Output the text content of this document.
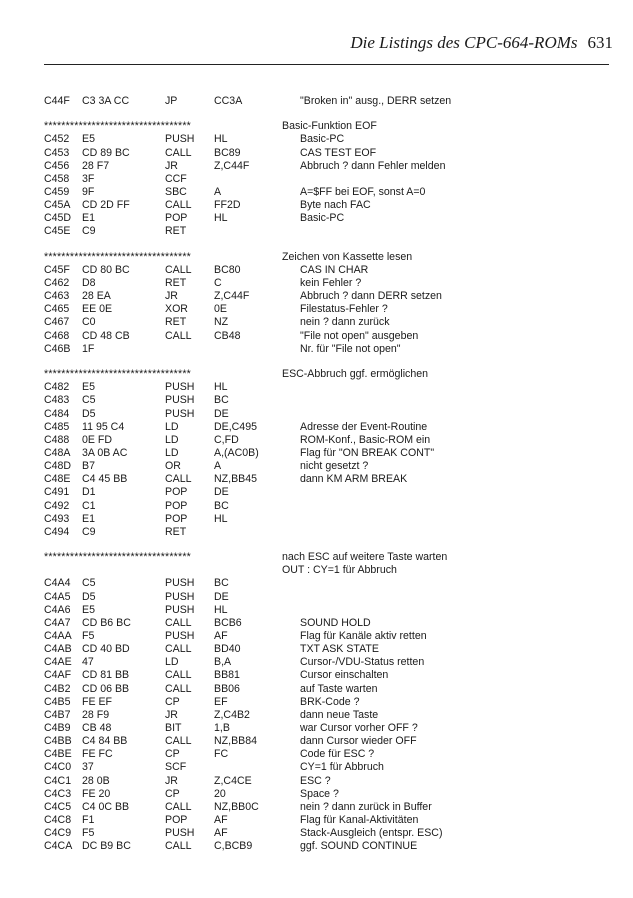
Die Listings des CPC-664-ROMs 631
C44F C3 3A CC	JP	CC3A	"Broken in" ausg., DERR setzen
**********************************	Basic-Funktion EOF
C452 E5	PUSH HL	Basic-PC
C453 CD 89 BC	CALL BC89	CAS TEST EOF
C456 28 F7	JR	Z,C44F	Abbruch ? dann Fehler melden
C458 3F	CCF
C459 9F	SBC	A	A=$FF bei EOF, sonst A=0
C45A CD 2D FF	CALL FF2D	Byte nach FAC
C45D E1	POP	HL	Basic-PC
C45E C9	RET
**********************************	Zeichen von Kassette lesen
C45F CD 80 BC	CALL BC80	CAS IN CHAR
C462 D8	RET	C	kein Fehler ?
C463 28 EA	JR	Z,C44F	Abbruch ? dann DERR setzen
C465 EE 0E	XOR 0E	Filestatus-Fehler ?
C467 C0	RET	NZ	nein ? dann zurück
C468 CD 48 CB	CALL CB48	"File not open" ausgeben
C46B 1F	Nr. für "File not open"
**********************************	ESC-Abbruch ggf. ermöglichen
C482 E5	PUSH HL
C483 C5	PUSH BC
C484 D5	PUSH DE
C485 11 95 C4	LD	DE,C495	Adresse der Event-Routine
C488 0E FD	LD	C,FD	ROM-Konf., Basic-ROM ein
C48A 3A 0B AC	LD	A,(AC0B)	Flag für "ON BREAK CONT"
C48D B7	OR	A	nicht gesetzt ?
C48E C4 45 BB	CALL NZ,BB45	dann KM ARM BREAK
C491 D1	POP	DE
C492 C1	POP	BC
C493 E1	POP	HL
C494 C9	RET
**********************************	nach ESC auf weitere Taste warten
OUT : CY=1 für Abbruch
C4A4 C5	PUSH BC
C4A5 D5	PUSH DE
C4A6 E5	PUSH HL
C4A7 CD B6 BC	CALL BCB6	SOUND HOLD
C4AA F5	PUSH AF	Flag für Kanäle aktiv retten
C4AB CD 40 BD	CALL BD40	TXT ASK STATE
C4AE 47	LD	B,A	Cursor-/VDU-Status retten
C4AF CD 81 BB	CALL BB81	Cursor einschalten
C4B2 CD 06 BB	CALL BB06	auf Taste warten
C4B5 FE EF	CP	EF	BRK-Code ?
C4B7 28 F9	JR	Z,C4B2	dann neue Taste
C4B9 CB 48	BIT	1,B	war Cursor vorher OFF ?
C4BB C4 84 BB	CALL NZ,BB84	dann Cursor wieder OFF
C4BE FE FC	CP	FC	Code für ESC ?
C4C0 37	SCF	CY=1 für Abbruch
C4C1 28 0B	JR	Z,C4CE	ESC ?
C4C3 FE 20	CP	20	Space ?
C4C5 C4 0C BB	CALL NZ,BB0C	nein ? dann zurück in Buffer
C4C8 F1	POP	AF	Flag für Kanal-Aktivitäten
C4C9 F5	PUSH AF	Stack-Ausgleich (entspr. ESC)
C4CA DC B9 BC	CALL C,BCB9	ggf. SOUND CONTINUE
